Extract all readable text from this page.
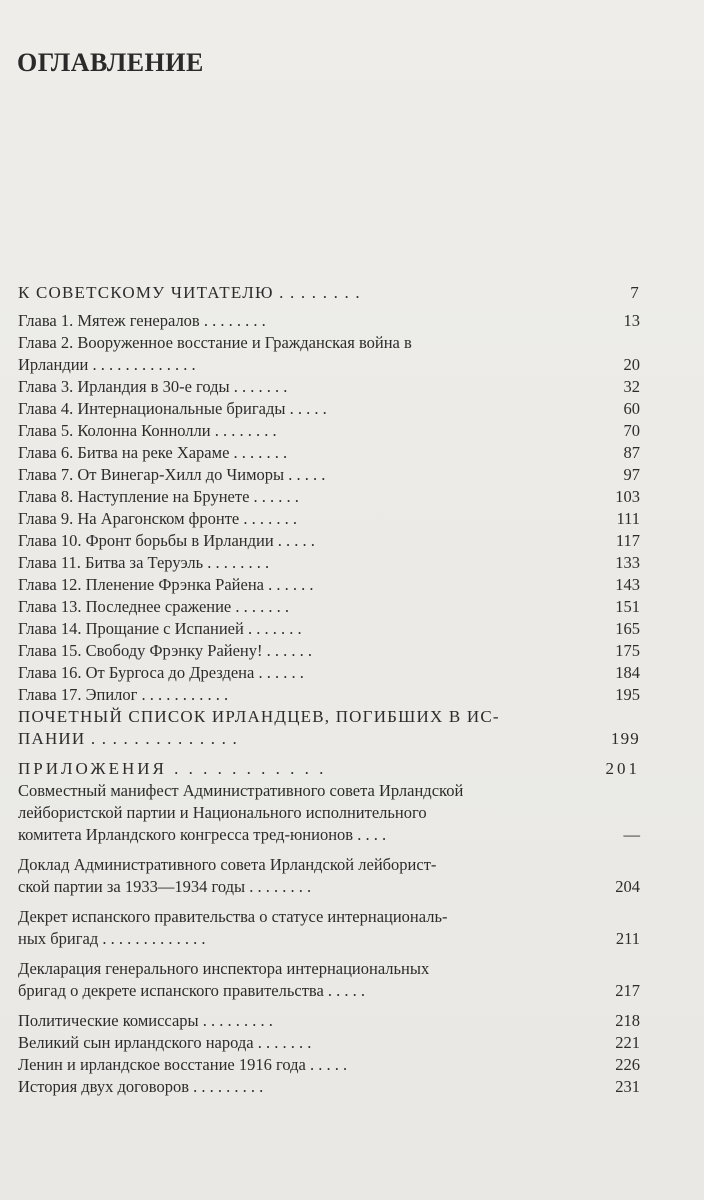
ОГЛАВЛЕНИЕ
К СОВЕТСКОМУ ЧИТАТЕЛЮ . . . . . . . .	7
Глава 1. Мятеж генералов . . . . . . . .	13
Глава 2. Вооруженное восстание и Гражданская война в
Ирландии . . . . . . . . . . . . .	20
Глава 3. Ирландия в 30-е годы . . . . . . .	32
Глава 4. Интернациональные бригады . . . . .	60
Глава 5. Колонна Коннолли . . . . . . . .	70
Глава 6. Битва на реке Хараме . . . . . . .	87
Глава 7. От Винегар-Хилл до Чиморы . . . . .	97
Глава 8. Наступление на Брунете . . . . . .	103
Глава 9. На Арагонском фронте . . . . . . .	111
Глава 10. Фронт борьбы в Ирландии . . . . .	117
Глава 11. Битва за Теруэль . . . . . . . .	133
Глава 12. Пленение Фрэнка Райена . . . . . .	143
Глава 13. Последнее сражение . . . . . . .	151
Глава 14. Прощание с Испанией . . . . . . .	165
Глава 15. Свободу Фрэнку Райену! . . . . . .	175
Глава 16. От Бургоса до Дрездена . . . . . .	184
Глава 17. Эпилог . . . . . . . . . . .	195
ПОЧЕТНЫЙ СПИСОК ИРЛАНДЦЕВ, ПОГИБШИХ В ИС-
ПАНИИ . . . . . . . . . . . . . .	199
ПРИЛОЖЕНИЯ . . . . . . . . . . .	201
Совместный манифест Административного совета Ирландской
лейбористской партии и Национального исполнительного
комитета Ирландского конгресса тред-юнионов . . . .	—
Доклад Административного совета Ирландской лейборист-
ской партии за 1933—1934 годы . . . . . . . .	204
Декрет испанского правительства о статусе интернациональ-
ных бригад . . . . . . . . . . . . .	211
Декларация генерального инспектора интернациональных
бригад о декрете испанского правительства . . . . .	217
Политические комиссары . . . . . . . . .	218
Великий сын ирландского народа . . . . . . .	221
Ленин и ирландское восстание 1916 года . . . . .	226
История двух договоров . . . . . . . . .	231
